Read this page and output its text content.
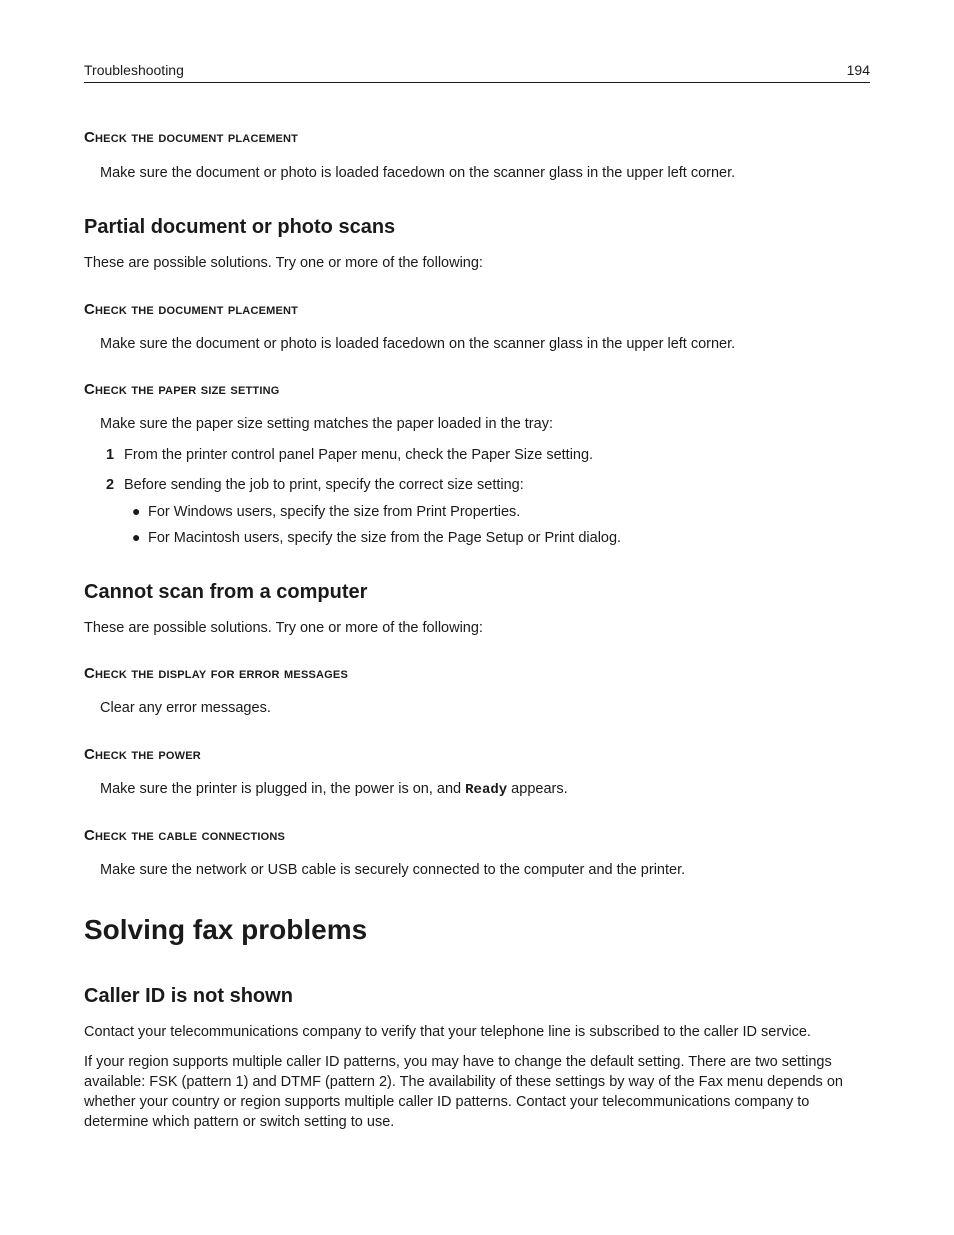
Troubleshooting	194
Check the document placement
Make sure the document or photo is loaded facedown on the scanner glass in the upper left corner.
Partial document or photo scans
These are possible solutions. Try one or more of the following:
Check the document placement
Make sure the document or photo is loaded facedown on the scanner glass in the upper left corner.
Check the paper size setting
Make sure the paper size setting matches the paper loaded in the tray:
1 From the printer control panel Paper menu, check the Paper Size setting.
2 Before sending the job to print, specify the correct size setting:
● For Windows users, specify the size from Print Properties.
● For Macintosh users, specify the size from the Page Setup or Print dialog.
Cannot scan from a computer
These are possible solutions. Try one or more of the following:
Check the display for error messages
Clear any error messages.
Check the power
Make sure the printer is plugged in, the power is on, and Ready appears.
Check the cable connections
Make sure the network or USB cable is securely connected to the computer and the printer.
Solving fax problems
Caller ID is not shown
Contact your telecommunications company to verify that your telephone line is subscribed to the caller ID service.
If your region supports multiple caller ID patterns, you may have to change the default setting. There are two settings available: FSK (pattern 1) and DTMF (pattern 2). The availability of these settings by way of the Fax menu depends on whether your country or region supports multiple caller ID patterns. Contact your telecommunications company to determine which pattern or switch setting to use.
